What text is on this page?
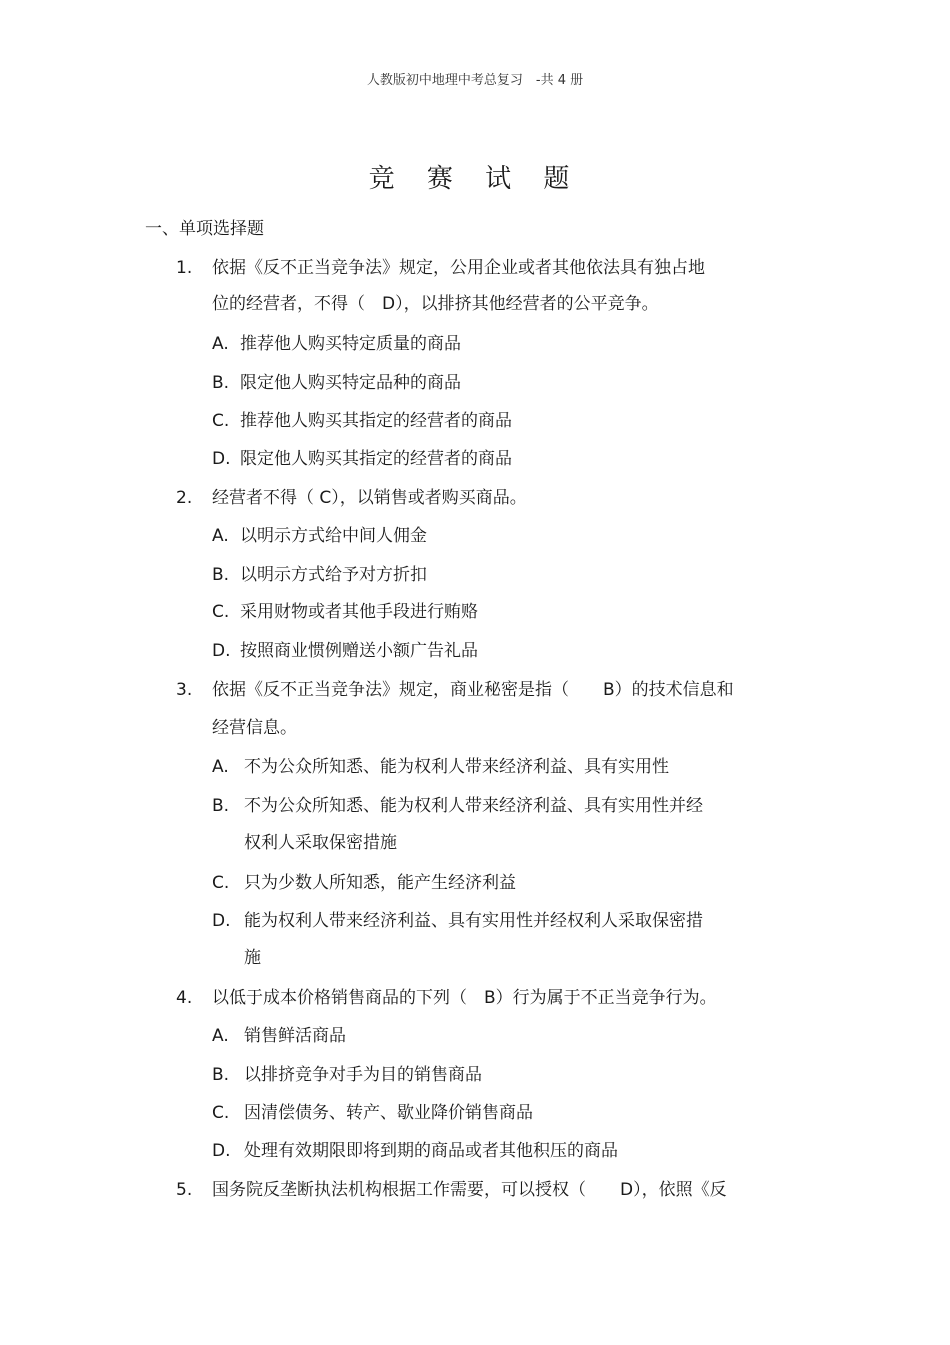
人教版初中地理中考总复习　-共 4 册
竞 赛 试 题
一、单项选择题
1. 依据《反不正当竞争法》规定，公用企业或者其他依法具有独占地
位的经营者，不得（　D），以排挤其他经营者的公平竞争。
A. 推荐他人购买特定质量的商品
B. 限定他人购买特定品种的商品
C. 推荐他人购买其指定的经营者的商品
D. 限定他人购买其指定的经营者的商品
2. 经营者不得（ C），以销售或者购买商品。
A. 以明示方式给中间人佣金
B. 以明示方式给予对方折扣
C. 采用财物或者其他手段进行贿赂
D. 按照商业惯例赠送小额广告礼品
3. 依据《反不正当竞争法》规定，商业秘密是指（　　B）的技术信息和
经营信息。
A. 不为公众所知悉、能为权利人带来经济利益、具有实用性
B. 不为公众所知悉、能为权利人带来经济利益、具有实用性并经
权利人采取保密措施
C. 只为少数人所知悉，能产生经济利益
D. 能为权利人带来经济利益、具有实用性并经权利人采取保密措
施
4. 以低于成本价格销售商品的下列（　B）行为属于不正当竞争行为。
A. 销售鲜活商品
B. 以排挤竞争对手为目的销售商品
C. 因清偿债务、转产、歇业降价销售商品
D. 处理有效期限即将到期的商品或者其他积压的商品
5. 国务院反垄断执法机构根据工作需要，可以授权（　　D），依照《反
